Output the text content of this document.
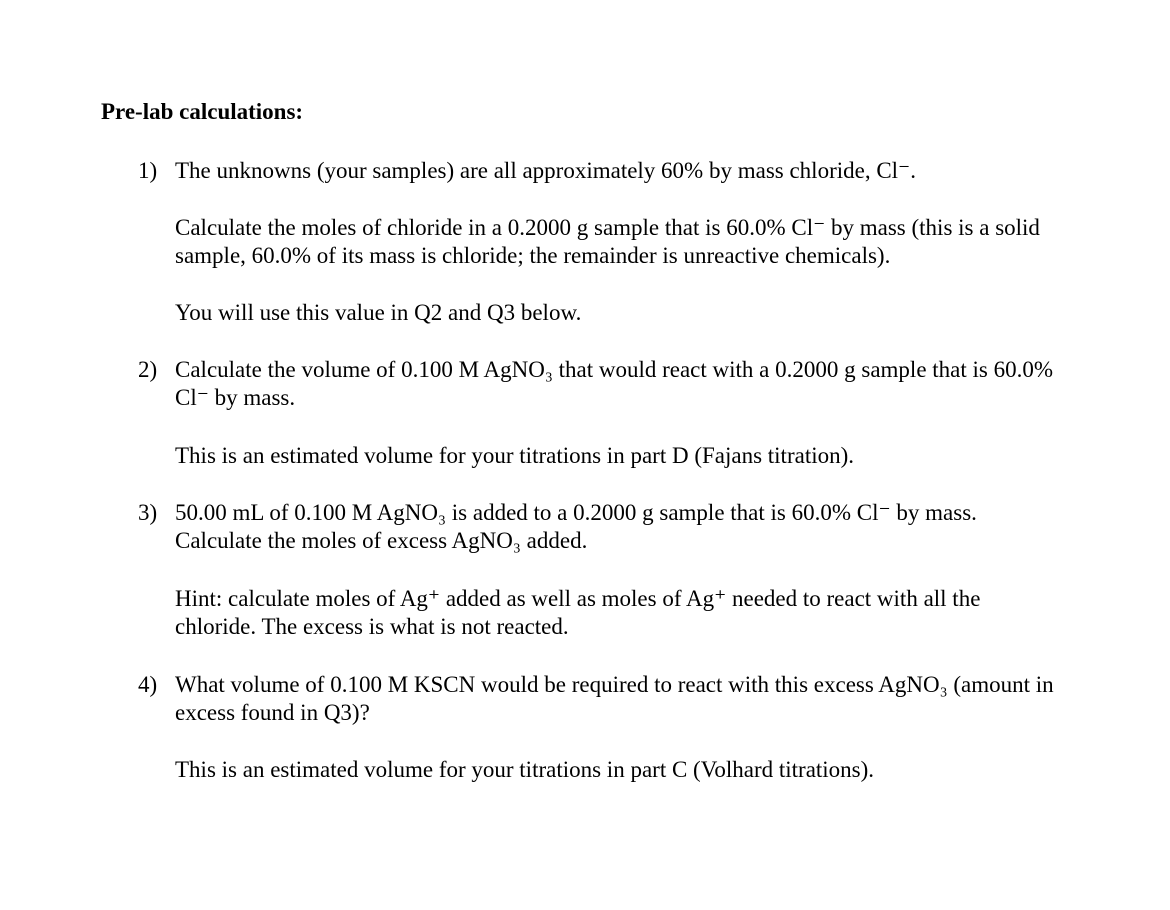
Pre-lab calculations:

1) The unknowns (your samples) are all approximately 60% by mass chloride, Cl⁻.

Calculate the moles of chloride in a 0.2000 g sample that is 60.0% Cl⁻ by mass (this is a solid sample, 60.0% of its mass is chloride; the remainder is unreactive chemicals).

You will use this value in Q2 and Q3 below.

2) Calculate the volume of 0.100 M AgNO₃ that would react with a 0.2000 g sample that is 60.0% Cl⁻ by mass.

This is an estimated volume for your titrations in part D (Fajans titration).

3) 50.00 mL of 0.100 M AgNO₃ is added to a 0.2000 g sample that is 60.0% Cl⁻ by mass. Calculate the moles of excess AgNO₃ added.

Hint: calculate moles of Ag⁺ added as well as moles of Ag⁺ needed to react with all the chloride. The excess is what is not reacted.

4) What volume of 0.100 M KSCN would be required to react with this excess AgNO₃ (amount in excess found in Q3)?

This is an estimated volume for your titrations in part C (Volhard titrations).
